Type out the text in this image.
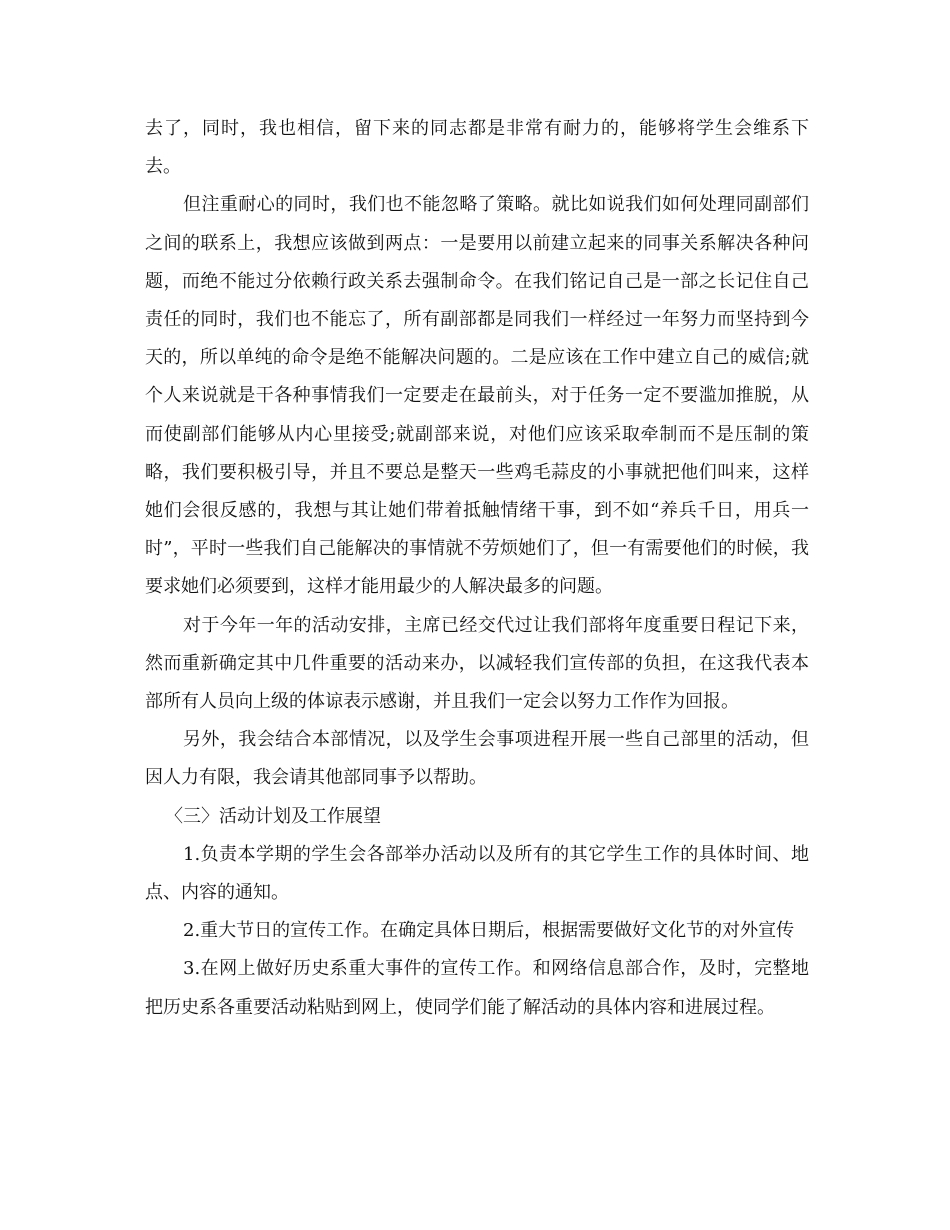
去了，同时，我也相信，留下来的同志都是非常有耐力的，能够将学生会维系下去。

但注重耐心的同时，我们也不能忽略了策略。就比如说我们如何处理同副部们之间的联系上，我想应该做到两点：一是要用以前建立起来的同事关系解决各种问题，而绝不能过分依赖行政关系去强制命令。在我们铭记自己是一部之长记住自己责任的同时，我们也不能忘了，所有副部都是同我们一样经过一年努力而坚持到今天的，所以单纯的命令是绝不能解决问题的。二是应该在工作中建立自己的威信;就个人来说就是干各种事情我们一定要走在最前头，对于任务一定不要滥加推脱，从而使副部们能够从内心里接受;就副部来说，对他们应该采取牵制而不是压制的策略，我们要积极引导，并且不要总是整天一些鸡毛蒜皮的小事就把他们叫来，这样她们会很反感的，我想与其让她们带着抵触情绪干事，到不如“养兵千日，用兵一时”，平时一些我们自己能解决的事情就不劳烦她们了，但一有需要他们的时候，我要求她们必须要到，这样才能用最少的人解决最多的问题。

对于今年一年的活动安排，主席已经交代过让我们部将年度重要日程记下来，然而重新确定其中几件重要的活动来办，以减轻我们宣传部的负担，在这我代表本部所有人员向上级的体谅表示感谢，并且我们一定会以努力工作作为回报。

另外，我会结合本部情况，以及学生会事项进程开展一些自己部里的活动，但因人力有限，我会请其他部同事予以帮助。

〈三〉活动计划及工作展望

1.负责本学期的学生会各部举办活动以及所有的其它学生工作的具体时间、地点、内容的通知。

2.重大节日的宣传工作。在确定具体日期后，根据需要做好文化节的对外宣传

3.在网上做好历史系重大事件的宣传工作。和网络信息部合作，及时，完整地把历史系各重要活动粘贴到网上，使同学们能了解活动的具体内容和进展过程。
